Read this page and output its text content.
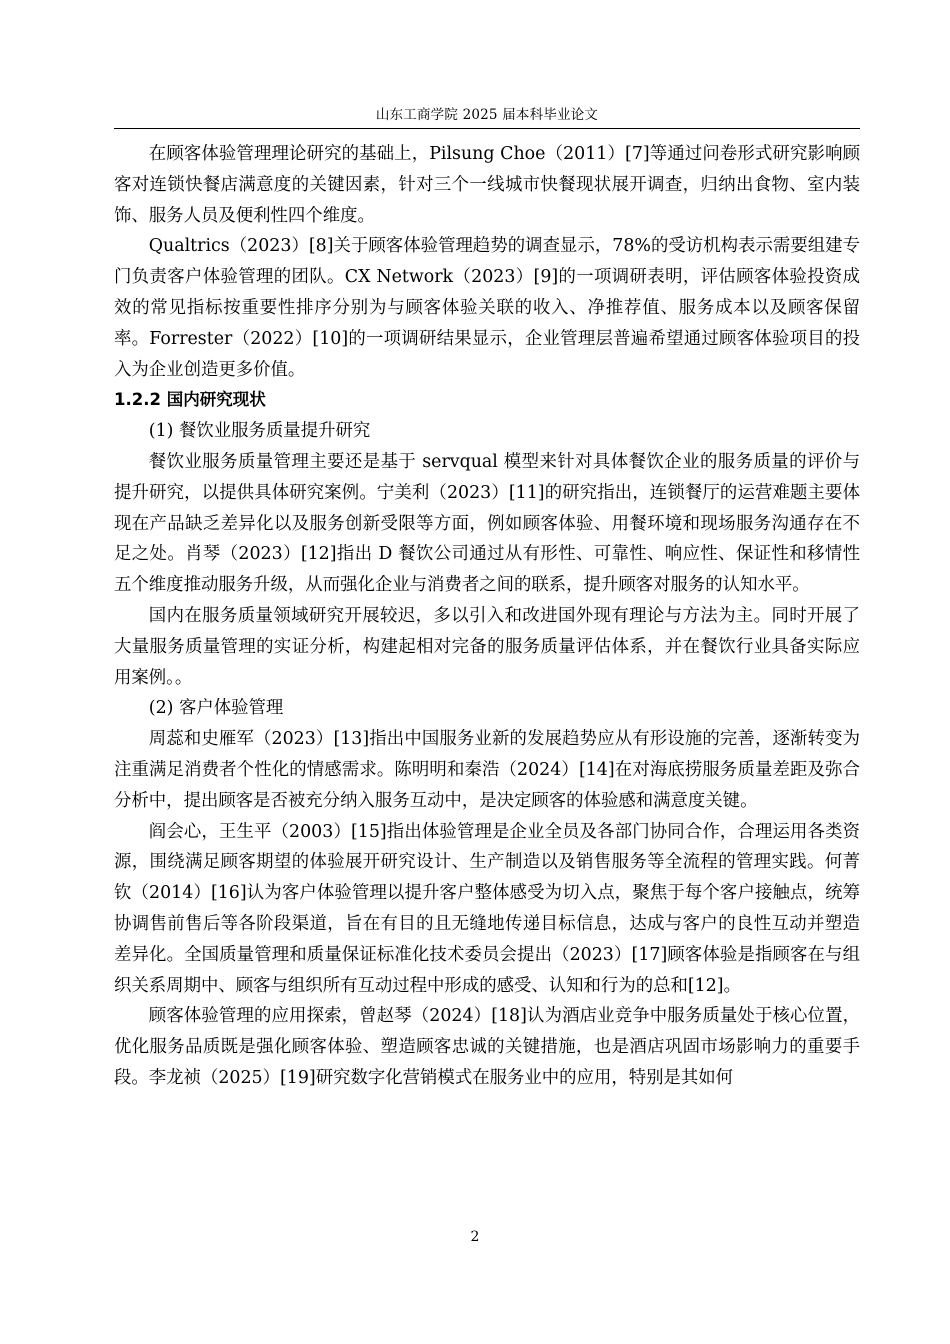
山东工商学院 2025 届本科毕业论文

在顾客体验管理理论研究的基础上，Pilsung Choe（2011）[7]等通过问卷形式研究影响顾客对连锁快餐店满意度的关键因素，针对三个一线城市快餐现状展开调查，归纳出食物、室内装饰、服务人员及便利性四个维度。

Qualtrics（2023）[8]关于顾客体验管理趋势的调查显示，78%的受访机构表示需要组建专门负责客户体验管理的团队。CX Network（2023）[9]的一项调研表明，评估顾客体验投资成效的常见指标按重要性排序分别为与顾客体验关联的收入、净推荐值、服务成本以及顾客保留率。Forrester（2022）[10]的一项调研结果显示，企业管理层普遍希望通过顾客体验项目的投入为企业创造更多价值。

1.2.2 国内研究现状

(1) 餐饮业服务质量提升研究

餐饮业服务质量管理主要还是基于 servqual 模型来针对具体餐饮企业的服务质量的评价与提升研究，以提供具体研究案例。宁美利（2023）[11]的研究指出，连锁餐厅的运营难题主要体现在产品缺乏差异化以及服务创新受限等方面，例如顾客体验、用餐环境和现场服务沟通存在不足之处。肖琴（2023）[12]指出 D 餐饮公司通过从有形性、可靠性、响应性、保证性和移情性五个维度推动服务升级，从而强化企业与消费者之间的联系，提升顾客对服务的认知水平。

国内在服务质量领域研究开展较迟，多以引入和改进国外现有理论与方法为主。同时开展了大量服务质量管理的实证分析，构建起相对完备的服务质量评估体系，并在餐饮行业具备实际应用案例。。

(2) 客户体验管理

周蕊和史雁军（2023）[13]指出中国服务业新的发展趋势应从有形设施的完善，逐渐转变为注重满足消费者个性化的情感需求。陈明明和秦浩（2024）[14]在对海底捞服务质量差距及弥合分析中，提出顾客是否被充分纳入服务互动中，是决定顾客的体验感和满意度关键。

阎会心，王生平（2003）[15]指出体验管理是企业全员及各部门协同合作，合理运用各类资源，围绕满足顾客期望的体验展开研究设计、生产制造以及销售服务等全流程的管理实践。何菁钦（2014）[16]认为客户体验管理以提升客户整体感受为切入点，聚焦于每个客户接触点，统筹协调售前售后等各阶段渠道，旨在有目的且无缝地传递目标信息，达成与客户的良性互动并塑造差异化。全国质量管理和质量保证标准化技术委员会提出（2023）[17]顾客体验是指顾客在与组织关系周期中、顾客与组织所有互动过程中形成的感受、认知和行为的总和[12]。

顾客体验管理的应用探索，曾赵琴（2024）[18]认为酒店业竞争中服务质量处于核心位置，优化服务品质既是强化顾客体验、塑造顾客忠诚的关键措施，也是酒店巩固市场影响力的重要手段。李龙祯（2025）[19]研究数字化营销模式在服务业中的应用，特别是其如何

2
